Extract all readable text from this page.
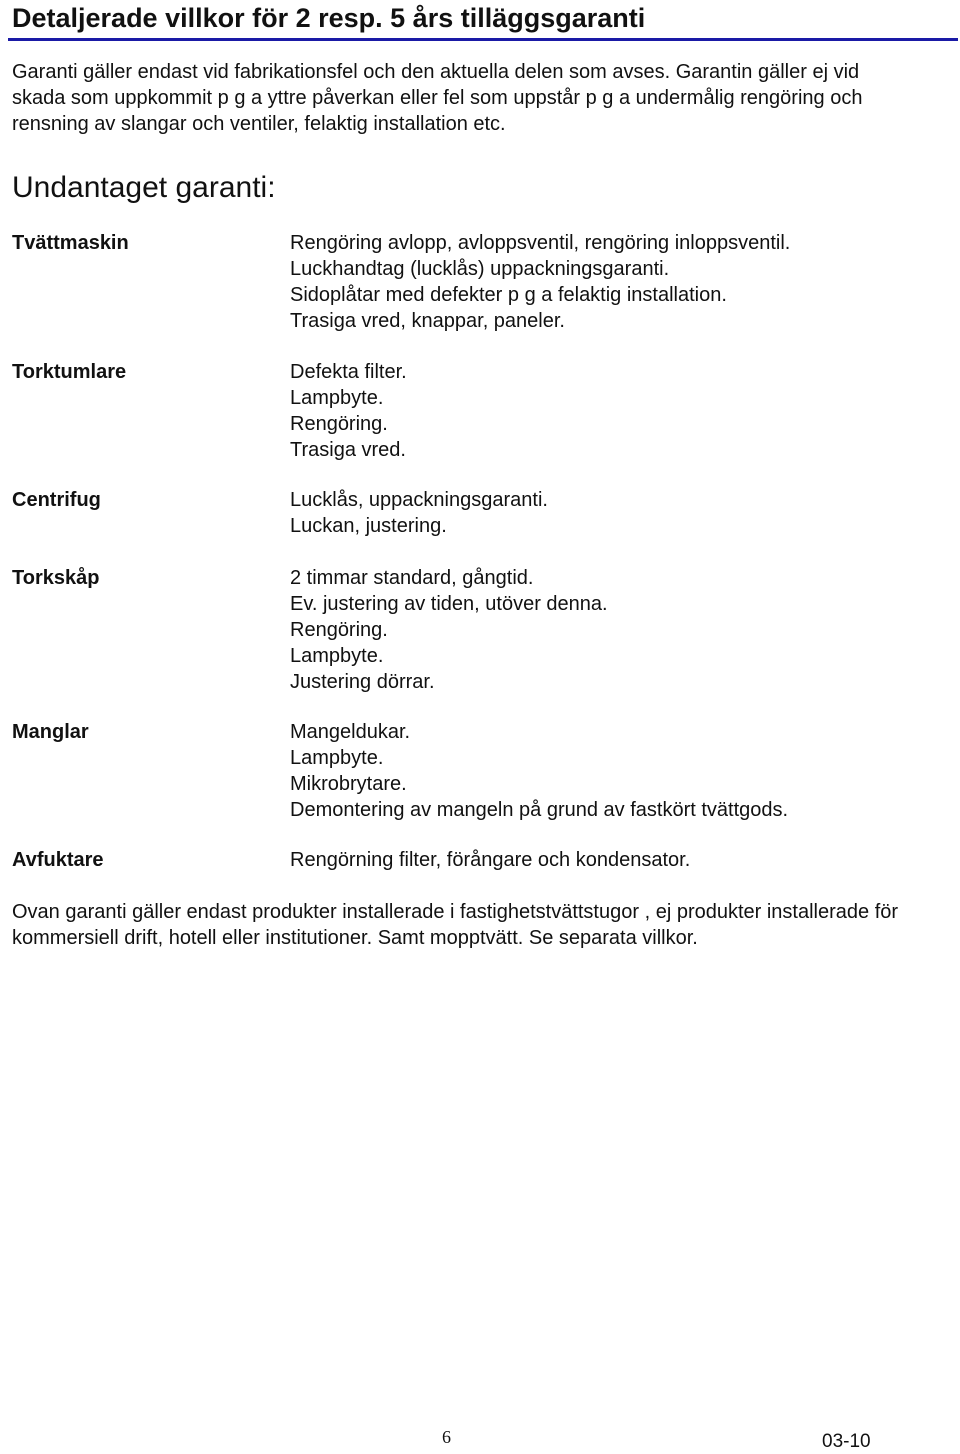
Detaljerade villkor för 2 resp. 5 års tilläggsgaranti
Garanti gäller endast vid fabrikationsfel och den aktuella delen som avses. Garantin gäller ej vid skada som uppkommit p g a yttre påverkan eller fel som uppstår p g a undermålig rengöring och rensning av slangar och ventiler, felaktig installation etc.
Undantaget garanti:
Tvättmaskin	Rengöring avlopp, avloppsventil, rengöring inloppsventil.
Luckhandtag (lucklås) uppackningsgaranti.
Sidoplåtar med defekter p g a felaktig installation.
Trasiga vred, knappar, paneler.
Torktumlare	Defekta filter.
Lampbyte.
Rengöring.
Trasiga vred.
Centrifug	Lucklås, uppackningsgaranti.
Luckan, justering.
Torkskåp	2 timmar standard, gångtid.
Ev. justering av tiden, utöver denna.
Rengöring.
Lampbyte.
Justering dörrar.
Manglar	Mangeldukar.
Lampbyte.
Mikrobrytare.
Demontering av mangeln på grund av fastkört tvättgods.
Avfuktare	Rengörning filter, förångare och kondensator.
Ovan garanti gäller endast produkter installerade i fastighetstvättstugor , ej produkter installerade för kommersiell drift, hotell eller institutioner. Samt mopptvätt. Se separata villkor.
6	03-10
